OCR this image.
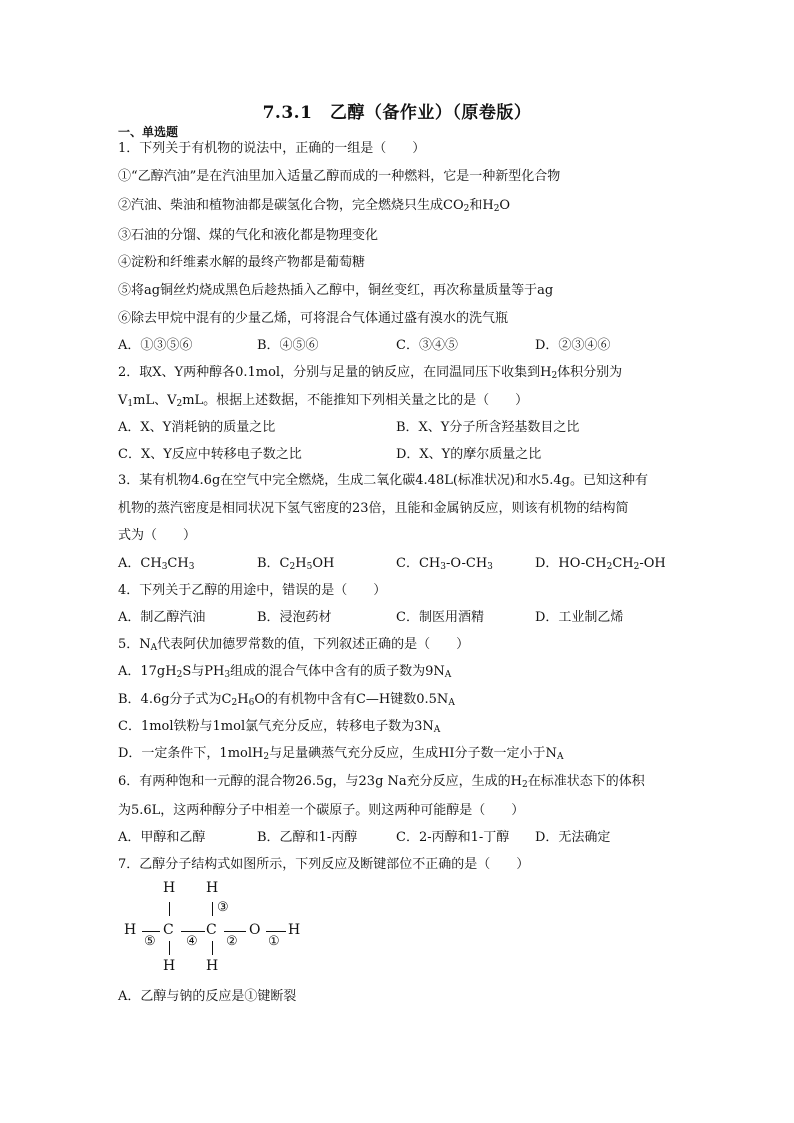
7.3.1　乙醇（备作业）（原卷版）
一、单选题
1．下列关于有机物的说法中，正确的一组是（　　）
①“乙醇汽油”是在汽油里加入适量乙醇而成的一种燃料，它是一种新型化合物
②汽油、柴油和植物油都是碳氢化合物，完全燃烧只生成$CO_2$和$H_2O$
③石油的分馏、煤的气化和液化都是物理变化
④淀粉和纤维素水解的最终产物都是葡萄糖
⑤将ag铜丝灼烧成黑色后趁热插入乙醇中，铜丝变红，再次称量质量等于ag
⑥除去甲烷中混有的少量乙烯，可将混合气体通过盛有溴水的洗气瓶
A．①③⑤⑥	B．④⑤⑥	C．③④⑤	D．②③④⑥
2．取X、Y两种醇各0.1mol，分别与足量的钠反应，在同温同压下收集到$H_2$体积分别为
$V_1mL$、$V_2mL$。根据上述数据，不能推知下列相关量之比的是（　　）
A．X、Y消耗钠的质量之比	B．X、Y分子所含羟基数目之比
C．X、Y反应中转移电子数之比	D．X、Y的摩尔质量之比
3．某有机物4.6g在空气中完全燃烧，生成二氧化碳4.48L(标准状况)和水5.4g。已知这种有
机物的蒸汽密度是相同状况下氢气密度的23倍，且能和金属钠反应，则该有机物的结构简
式为（　　）
A．$CH_3CH_3$	B．$C_2H_5OH$	C．$CH_3-O-CH_3$	D．$HO-CH_2CH_2-OH$
4．下列关于乙醇的用途中，错误的是（　　）
A．制乙醇汽油	B．浸泡药材	C．制医用酒精	D．工业制乙烯
5．$N_A$代表阿伏加德罗常数的值，下列叙述正确的是（　　）
A．$17gH_2S$与$PH_3$组成的混合气体中含有的质子数为$9N_A$
B．4.6g分子式为$C_2H_6O$的有机物中含有C—H键数$0.5N_A$
C．1mol铁粉与1mol氯气充分反应，转移电子数为$3N_A$
D．一定条件下，1molH$_2$与足量碘蒸气充分反应，生成HI分子数一定小于$N_A$
6．有两种饱和一元醇的混合物26.5g，与23g Na充分反应，生成的$H_2$在标准状态下的体积
为5.6L，这两种醇分子中相差一个碳原子。则这两种可能醇是（　　）
A．甲醇和乙醇	B．乙醇和1-丙醇	C．2-丙醇和1-丁醇 D．无法确定
7．乙醇分子结构式如图所示，下列反应及断键部位不正确的是（　　）
H H
③
H C C O H
⑤ ④ ② ①
H H
A．乙醇与钠的反应是①键断裂
